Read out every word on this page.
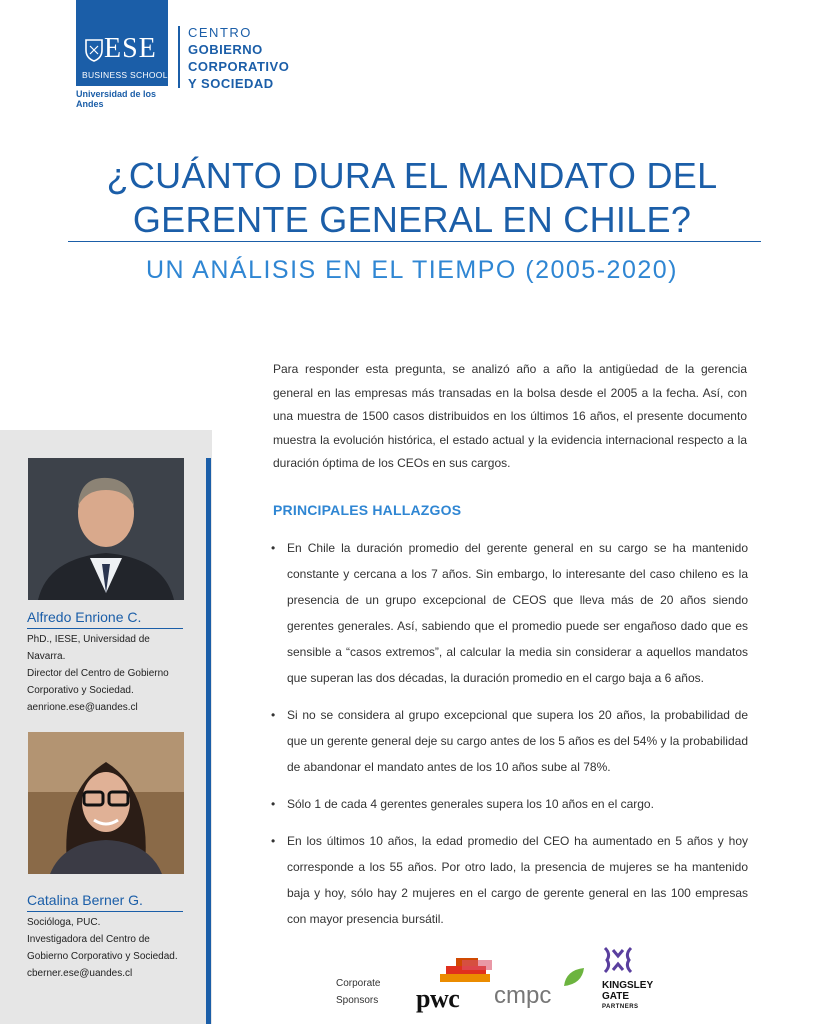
ESE
BUSINESS SCHOOL
Universidad de los Andes
CENTRO
GOBIERNO
CORPORATIVO
Y SOCIEDAD
¿CUÁNTO DURA EL MANDATO DEL
GERENTE GENERAL EN CHILE?
UN ANÁLISIS EN EL TIEMPO (2005-2020)
Alfredo Enrione C.
PhD., IESE, Universidad de Navarra.
Director del Centro de Gobierno
Corporativo y Sociedad.
aenrione.ese@uandes.cl
Catalina Berner G.
Socióloga, PUC.
Investigadora del Centro de
Gobierno Corporativo y Sociedad.
cberner.ese@uandes.cl
Para responder esta pregunta, se analizó año a año la antigüedad de la gerencia general en las empresas más transadas en la bolsa desde el 2005 a la fecha. Así, con una muestra de 1500 casos distribuidos en los últimos 16 años, el presente documento muestra la evolución histórica, el estado actual y la evidencia internacional respecto a la duración óptima de los CEOs en sus cargos.
PRINCIPALES HALLAZGOS
• En Chile la duración promedio del gerente general en su cargo se ha mantenido constante y cercana a los 7 años. Sin embargo, lo interesante del caso chileno es la presencia de un grupo excepcional de CEOS que lleva más de 20 años siendo gerentes generales. Así, sabiendo que el promedio puede ser engañoso dado que es sensible a “casos extremos”, al calcular la media sin considerar a aquellos mandatos que superan las dos décadas, la duración promedio en el cargo baja a 6 años.
• Si no se considera al grupo excepcional que supera los 20 años, la probabilidad de que un gerente general deje su cargo antes de los 5 años es del 54% y la probabilidad de abandonar el mandato antes de los 10 años sube al 78%.
• Sólo 1 de cada 4 gerentes generales supera los 10 años en el cargo.
• En los últimos 10 años, la edad promedio del CEO ha aumentado en 5 años y hoy corresponde a los 55 años. Por otro lado, la presencia de mujeres se ha mantenido baja y hoy, sólo hay 2 mujeres en el cargo de gerente general en las 100 empresas con mayor presencia bursátil.
Corporate
Sponsors pwc cmpc	KINGSLEY
GATE
PARTNERS
